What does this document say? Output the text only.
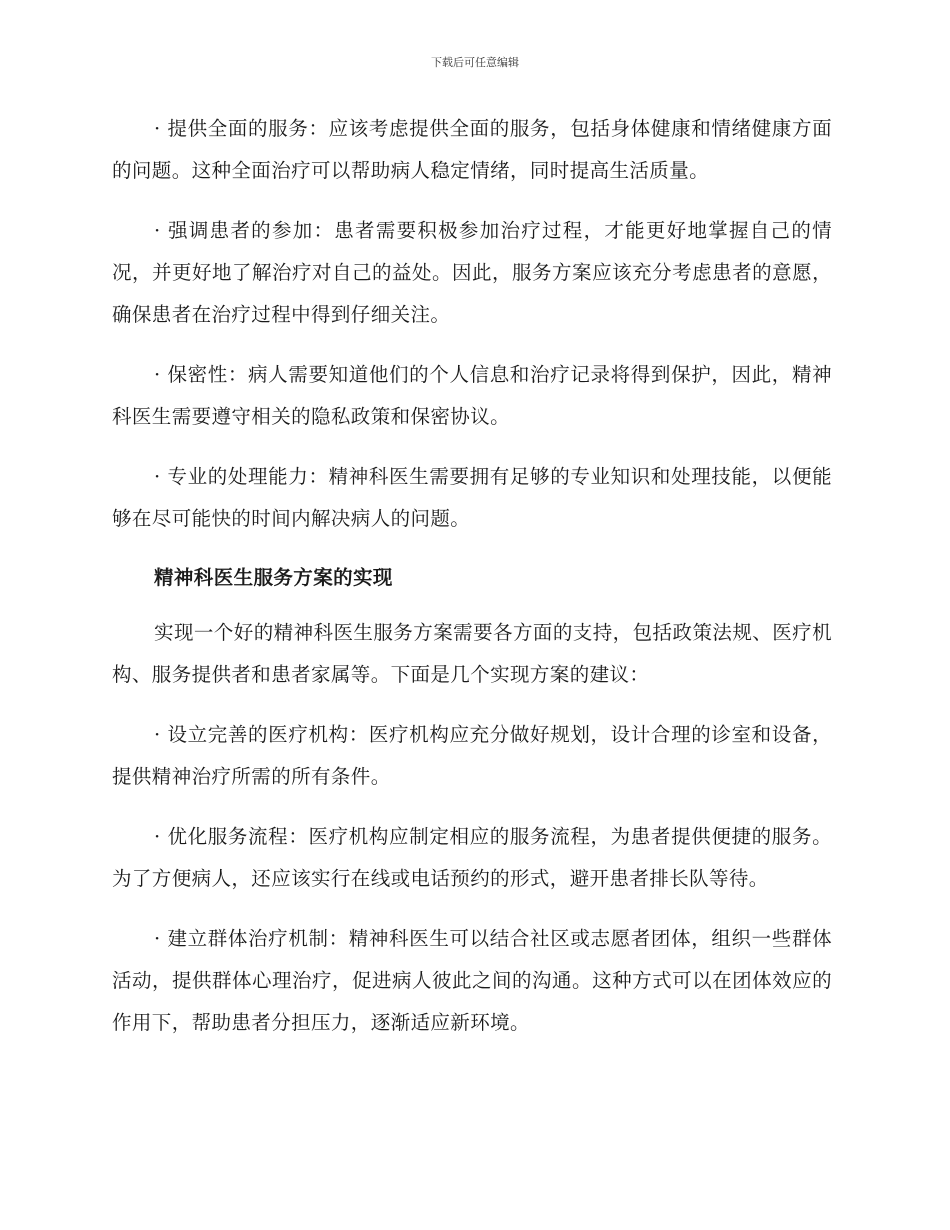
下载后可任意编辑

· 提供全面的服务：应该考虑提供全面的服务，包括身体健康和情绪健康方面的问题。这种全面治疗可以帮助病人稳定情绪，同时提高生活质量。

· 强调患者的参加：患者需要积极参加治疗过程，才能更好地掌握自己的情况，并更好地了解治疗对自己的益处。因此，服务方案应该充分考虑患者的意愿，确保患者在治疗过程中得到仔细关注。

· 保密性：病人需要知道他们的个人信息和治疗记录将得到保护，因此，精神科医生需要遵守相关的隐私政策和保密协议。

· 专业的处理能力：精神科医生需要拥有足够的专业知识和处理技能，以便能够在尽可能快的时间内解决病人的问题。

精神科医生服务方案的实现

实现一个好的精神科医生服务方案需要各方面的支持，包括政策法规、医疗机构、服务提供者和患者家属等。下面是几个实现方案的建议：

· 设立完善的医疗机构：医疗机构应充分做好规划，设计合理的诊室和设备，提供精神治疗所需的所有条件。

· 优化服务流程：医疗机构应制定相应的服务流程，为患者提供便捷的服务。为了方便病人，还应该实行在线或电话预约的形式，避开患者排长队等待。

· 建立群体治疗机制：精神科医生可以结合社区或志愿者团体，组织一些群体活动，提供群体心理治疗，促进病人彼此之间的沟通。这种方式可以在团体效应的作用下，帮助患者分担压力，逐渐适应新环境。
